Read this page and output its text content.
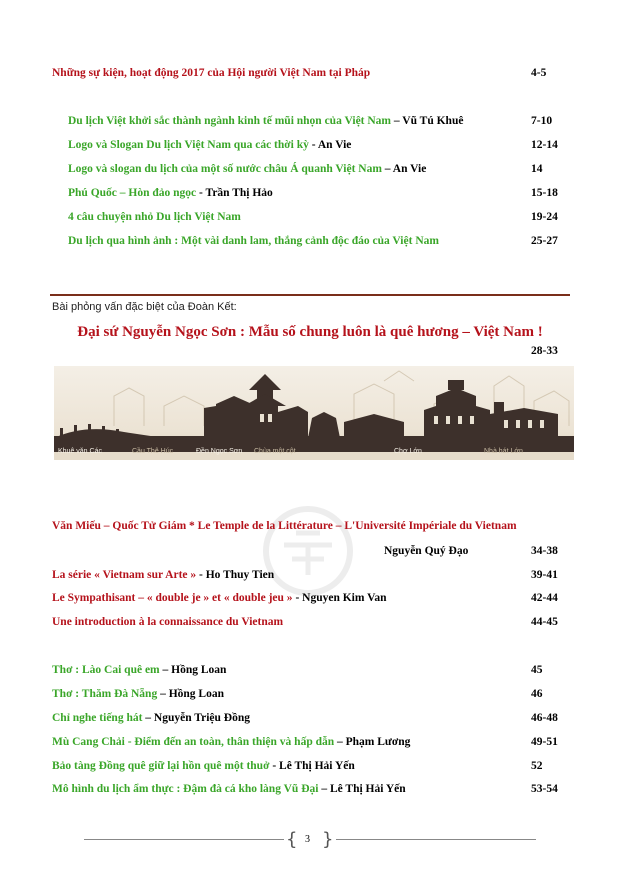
Những sự kiện, hoạt động 2017 của Hội người Việt Nam tại Pháp	4-5
Du lịch Việt khởi sắc thành ngành kinh tế mũi nhọn của Việt Nam – Vũ Tú Khuê	7-10
Logo và Slogan Du lịch Việt Nam qua các thời kỳ - An Vie	12-14
Logo và slogan du lịch của một số nước châu Á quanh Việt Nam – An Vie	14
Phú Quốc – Hòn đảo ngọc - Trần Thị Hảo	15-18
4 câu chuyện nhỏ Du lịch Việt Nam	19-24
Du lịch qua hình ảnh : Một vài danh lam, thắng cảnh độc đáo của Việt Nam	25-27
Bài phỏng vấn đặc biệt của Đoàn Kết:
Đại sứ Nguyễn Ngọc Sơn : Mẫu số chung luôn là quê hương – Việt Nam !
28-33
Khuê văn Các	Cầu Thê Húc	Đền Ngọc Sơn Chùa một cột	Chợ Lớn	Nhà hát Lớn
Văn Miếu – Quốc Tử Giám * Le Temple de la Littérature – L'Université Impériale du Vietnam
Nguyễn Quý Đạo	34-38
La série « Vietnam sur Arte » - Ho Thuy Tien	39-41
Le Sympathisant – « double je » et « double jeu » - Nguyen Kim Van	42-44
Une introduction à la connaissance du Vietnam	44-45
Thơ : Lào Cai quê em – Hồng Loan	45
Thơ : Thăm Đà Nẵng – Hồng Loan	46
Chỉ nghe tiếng hát – Nguyễn Triệu Đồng	46-48
Mù Cang Chải - Điểm đến an toàn, thân thiện và hấp dẫn – Phạm Lương	49-51
Bảo tàng Đồng quê giữ lại hồn quê một thuở - Lê Thị Hải Yến	52
Mô hình du lịch ẩm thực : Đậm đà cá kho làng Vũ Đại – Lê Thị Hải Yến	53-54
{ 3 }
